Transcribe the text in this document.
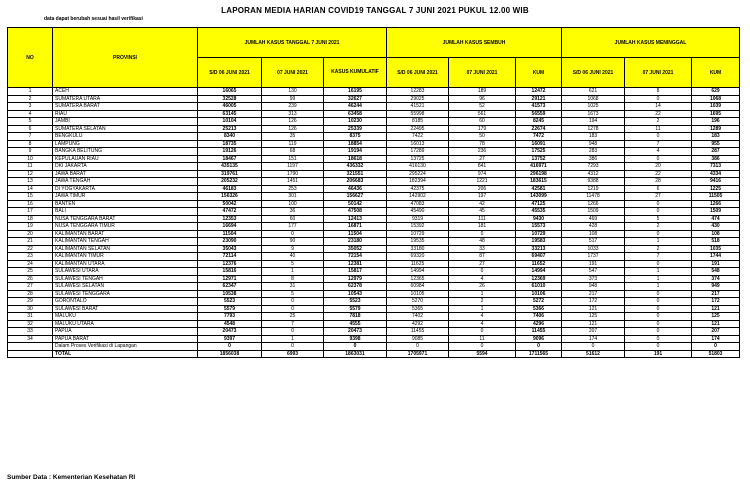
LAPORAN MEDIA HARIAN COVID19 TANGGAL 7 JUNI 2021 PUKUL 12.00 WIB
data dapat berubah sesuai hasil verifikasi
NO	PROVINSI	JUMLAH KASUS TANGGAL 7 JUNI 2021			JUMLAH KASUS SEMBUH			JUMLAH KASUS MENINGGAL		
		S/D 06 JUNI 2021	07 JUNI 2021	KASUS KUMULATIF	S/D 06 JUNI 2021	07 JUNI 2021	KUM	S/D 06 JUNI 2021	07 JUNI 2021	KUM
1	ACEH	16065	130	16195	12283	189	12472	621	8	629
2	SUMATERA UTARA	32528	99	32627	29025	96	29121	1068	0	1068
3	SUMATERA BARAT	46005	239	46244	41521	52	41573	1025	14	1039
4	RIAU	63145	313	63458	55998	561	56559	1673	22	1695
5	JAMBI	10104	126	10230	8185	60	8245	194	2	196
6	SUMATERA SELATAN	25213	126	25339	22495	179	22674	1278	11	1289
7	BENGKULU	8340	35	8375	7422	50	7472	183	0	183
8	LAMPUNG	18735	119	18854	16013	78	16091	948	7	955
9	BANGKA BELITUNG	19126	68	19194	17289	236	17525	283	4	287
10	KEPULAUAN RIAU	18467	151	18618	13725	27	13752	386	0	386
11	DKI JAKARTA	435135	1197	436332	416130	841	416971	7293	20	7313
12	JAWA BARAT	319761	1790	321551	295224	974	296198	4312	22	4334
13	JAWA TENGAH	205232	1451	206683	182394	1221	183615	9388	28	9416
14	DI YOGYAKARTA	46183	253	46436	42375	206	42581	1219	6	1225
15	JAWA TIMUR	156326	301	156627	142902	197	143099	11478	27	11505
16	BANTEN	50042	100	50142	47083	42	47125	1266	0	1266
17	BALI	47472	36	47508	45490	45	45535	1509	0	1509
18	NUSA TENGGARA BARAT	12353	60	12413	9319	111	9430	469	5	474
19	NUSA TENGGARA TIMUR	16694	177	16871	15392	181	15573	428	2	430
20	KALIMANTAN BARAT	11504	0	11504	10729	0	10729	108	0	108
21	KALIMANTAN TENGAH	23090	90	23180	19535	48	19583	517	1	518
22	KALIMANTAN SELATAN	35043	9	35052	33180	33	33213	1033	2	1035
23	KALIMANTAN TIMUR	72114	40	72154	69320	87	69407	1737	7	1744
24	KALIMANTAN UTARA	12376	5	12381	11625	27	11652	191	0	191
25	SULAWESI UTARA	15816	1	15817	14994	0	14994	547	1	548
26	SULAWESI TENGAH	12971	8	12979	12365	4	12369	373	1	374
27	SULAWESI SELATAN	62347	31	62378	60984	26	61010	948	1	949
28	SULAWESI TENGGARA	10538	5	10543	10105	1	10106	217	0	217
29	GORONTALO	5523	0	5523	5270	2	5272	172	0	172
30	SULAWESI BARAT	5579	0	5579	5365	1	5366	121	0	121
31	MALUKU	7793	25	7818	7402	4	7406	125	0	125
32	MALUKU UTARA	4548	7	4555	4292	4	4296	121	0	121
33	PAPUA	20473	0	20473	11455	0	11455	207	0	207
34	PAPUA BARAT	9397	1	9398	9085	11	9096	174	0	174
	Dalam Proses Verifikasi di Lapangan	0	0	0	0	0	0	0	0	0
	TOTAL	1856038	6993	1863031	1705971	5594	1711565	51612	191	51803
Sumber Data : Kementerian Kesehatan RI
